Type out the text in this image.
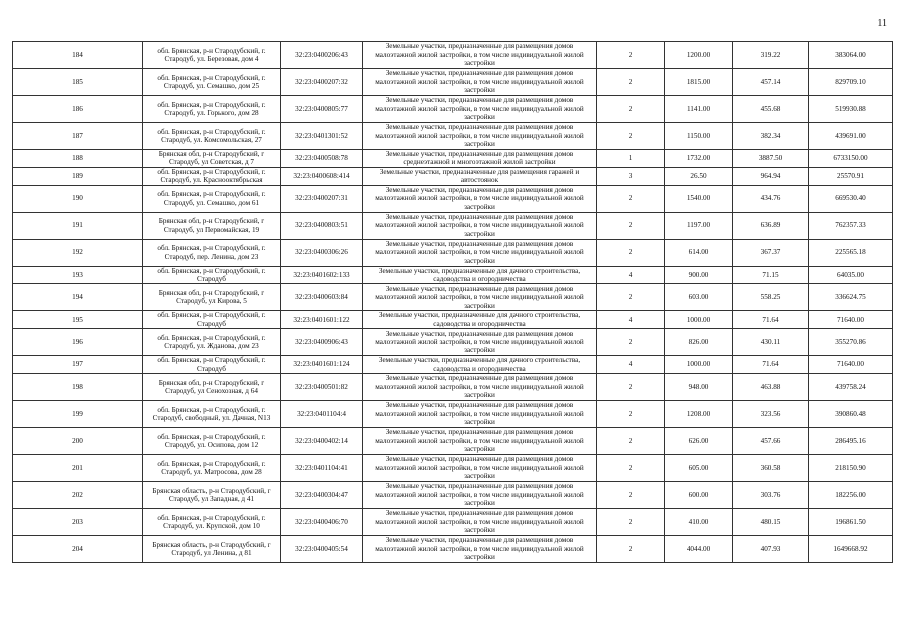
11
184	обл. Брянская, р-н Стародубский, г. Стародуб, ул. Березовая, дом 4	32:23:0400206:43	Земельные участки, предназначенные для размещения домов малоэтажной жилой застройки, в том числе индивидуальной жилой застройки	2	1200.00	319.22	383064.00
185	обл. Брянская, р-н Стародубский, г. Стародуб, ул. Семашко, дом 25	32:23:0400207:32	Земельные участки, предназначенные для размещения домов малоэтажной жилой застройки, в том числе индивидуальной жилой застройки	2	1815.00	457.14	829709.10
186	обл. Брянская, р-н Стародубский, г. Стародуб, ул. Горького, дом 28	32:23:0400805:77	Земельные участки, предназначенные для размещения домов малоэтажной жилой застройки, в том числе индивидуальной жилой застройки	2	1141.00	455.68	519930.88
187	обл. Брянская, р-н Стародубский, г. Стародуб, ул. Комсомольская, 27	32:23:0401301:52	Земельные участки, предназначенные для размещения домов малоэтажной жилой застройки, в том числе индивидуальной жилой застройки	2	1150.00	382.34	439691.00
188	Брянская обл, р-н Стародубский, г Стародуб, ул Советская, д 7	32:23:0400508:78	Земельные участки, предназначенные для размещения домов среднеэтажной и многоэтажной жилой застройки	1	1732.00	3887.50	6733150.00
189	обл. Брянская, р-н Стародубский, г. Стародуб, ул. Красноoктябрьская	32:23:0400608:414	Земельные участки, предназначенные для размещения гаражей и автостоянок	3	26.50	964.94	25570.91
190	обл. Брянская, р-н Стародубский, г. Стародуб, ул. Семашко, дом 61	32:23:0400207:31	Земельные участки, предназначенные для размещения домов малоэтажной жилой застройки, в том числе индивидуальной жилой застройки	2	1540.00	434.76	669530.40
191	Брянская обл, р-н Стародубский, г Стародуб, ул Первомайская, 19	32:23:0400803:51	Земельные участки, предназначенные для размещения домов малоэтажной жилой застройки, в том числе индивидуальной жилой застройки	2	1197.00	636.89	762357.33
192	обл. Брянская, р-н Стародубский, г. Стародуб, пер. Ленина, дом 23	32:23:0400306:26	Земельные участки, предназначенные для размещения домов малоэтажной жилой застройки, в том числе индивидуальной жилой застройки	2	614.00	367.37	225565.18
193	обл. Брянская, р-н Стародубский, г. Стародуб	32:23:0401602:133	Земельные участки, предназначенные для дачного строительства, садоводства и огородничества	4	900.00	71.15	64035.00
194	Брянская обл, р-н Стародубский, г Стародуб, ул Кирова, 5	32:23:0400603:84	Земельные участки, предназначенные для размещения домов малоэтажной жилой застройки, в том числе индивидуальной жилой застройки	2	603.00	558.25	336624.75
195	обл. Брянская, р-н Стародубский, г. Стародуб	32:23:0401601:122	Земельные участки, предназначенные для дачного строительства, садоводства и огородничества	4	1000.00	71.64	71640.00
196	обл. Брянская, р-н Стародубский, г. Стародуб, ул. Жданова, дом 23	32:23:0400906:43	Земельные участки, предназначенные для размещения домов малоэтажной жилой застройки, в том числе индивидуальной жилой застройки	2	826.00	430.11	355270.86
197	обл. Брянская, р-н Стародубский, г. Стародуб	32:23:0401601:124	Земельные участки, предназначенные для дачного строительства, садоводства и огородничества	4	1000.00	71.64	71640.00
198	Брянская обл, р-н Стародубский, г Стародуб, ул Сенохозная, д 64	32:23:0400501:82	Земельные участки, предназначенные для размещения домов малоэтажной жилой застройки, в том числе индивидуальной жилой застройки	2	948.00	463.88	439758.24
199	обл. Брянская, р-н Стародубский, г. Стародуб, свободный, ул. Дачная, N13	32:23:0401104:4	Земельные участки, предназначенные для размещения домов малоэтажной жилой застройки, в том числе индивидуальной жилой застройки	2	1208.00	323.56	390860.48
200	обл. Брянская, р-н Стародубский, г. Стародуб, ул. Осипова, дом 12	32:23:0400402:14	Земельные участки, предназначенные для размещения домов малоэтажной жилой застройки, в том числе индивидуальной жилой застройки	2	626.00	457.66	286495.16
201	обл. Брянская, р-н Стародубский, г. Стародуб, ул. Матросова, дом 28	32:23:0401104:41	Земельные участки, предназначенные для размещения домов малоэтажной жилой застройки, в том числе индивидуальной жилой застройки	2	605.00	360.58	218150.90
202	Брянская область, р-н Стародубский, г Стародуб, ул Западная, д 41	32:23:0400304:47	Земельные участки, предназначенные для размещения домов малоэтажной жилой застройки, в том числе индивидуальной жилой застройки	2	600.00	303.76	182256.00
203	обл. Брянская, р-н Стародубский, г. Стародуб, ул. Крупской, дом 10	32:23:0400406:70	Земельные участки, предназначенные для размещения домов малоэтажной жилой застройки, в том числе индивидуальной жилой застройки	2	410.00	480.15	196861.50
204	Брянская область, р-н Стародубский, г Стародуб, ул Ленина, д 81	32:23:0400405:54	Земельные участки, предназначенные для размещения домов малоэтажной жилой застройки, в том числе индивидуальной жилой застройки	2	4044.00	407.93	1649668.92
